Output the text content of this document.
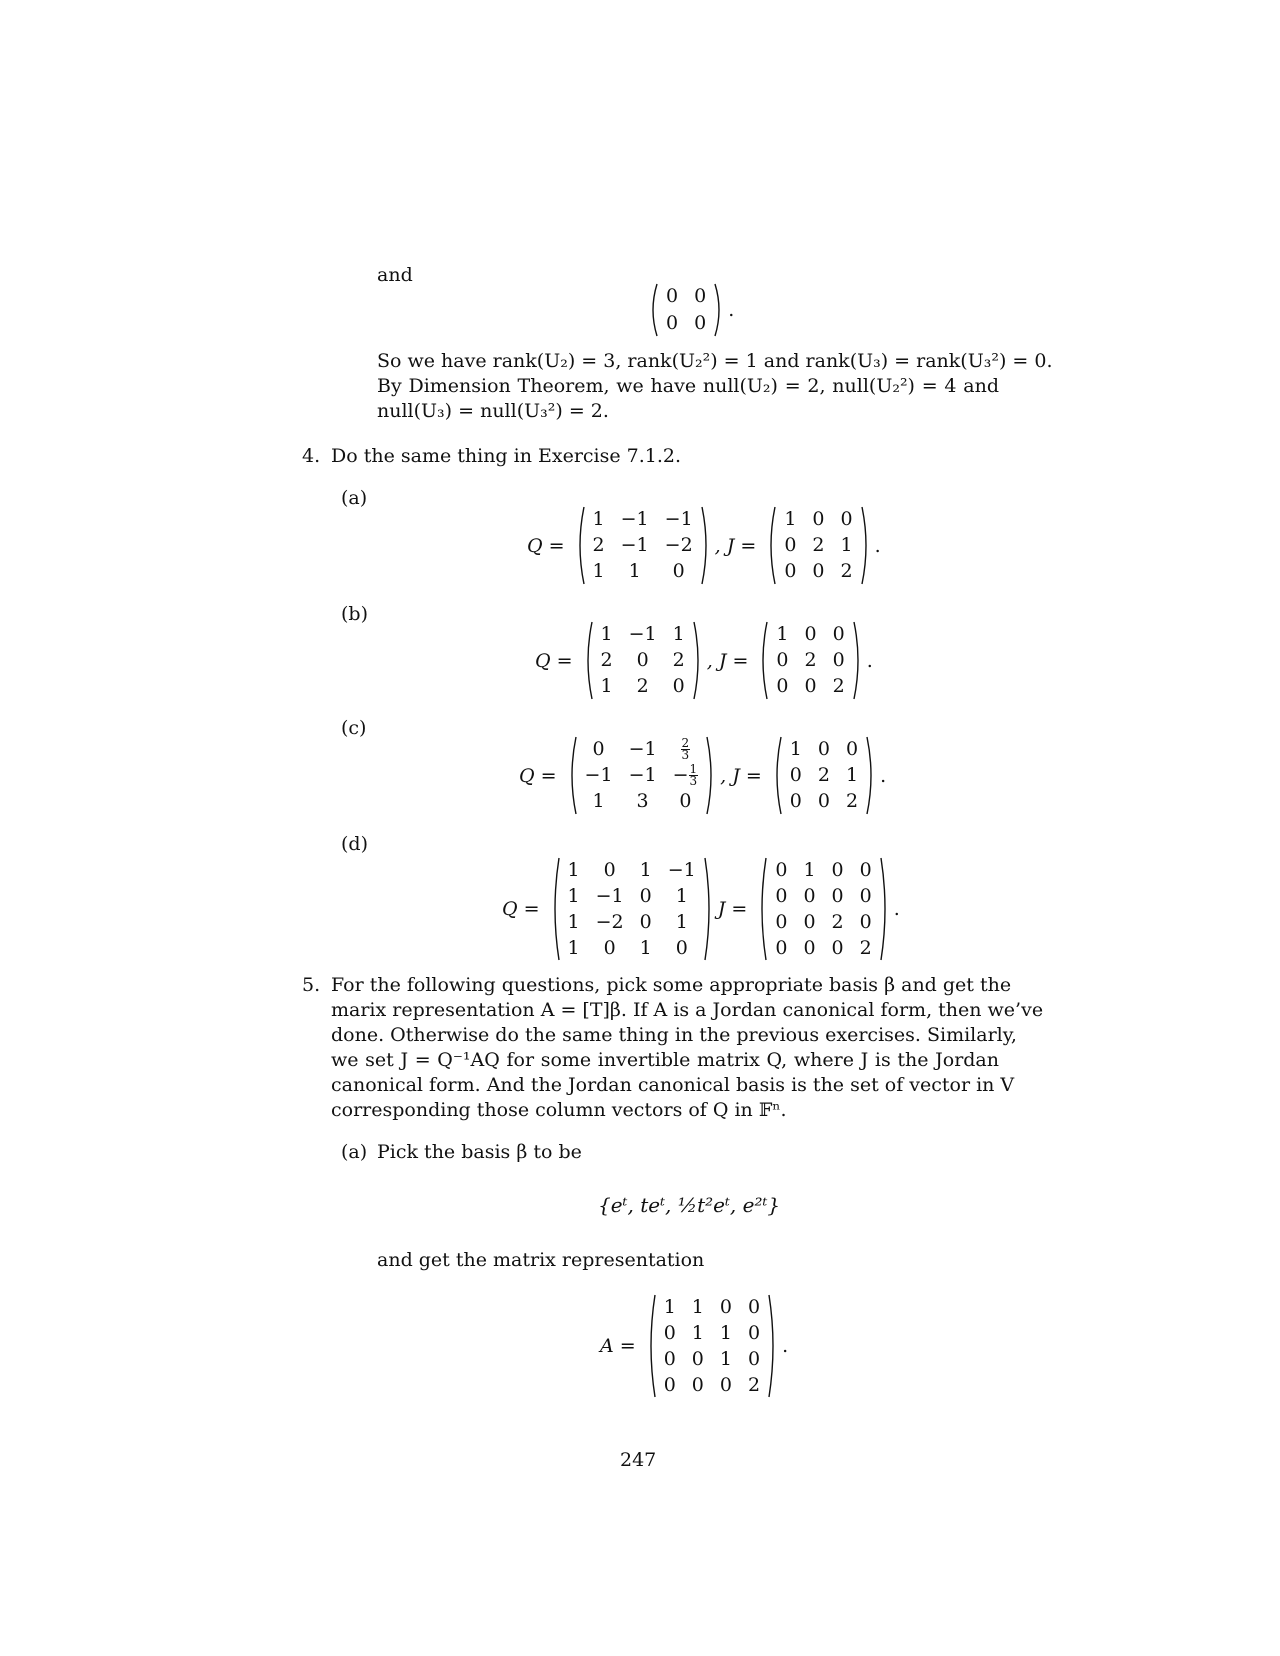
and
0	0
0	0
.
So we have rank(U₂) = 3, rank(U₂²) = 1 and rank(U₃) = rank(U₃²) = 0.
By Dimension Theorem, we have null(U₂) = 2, null(U₂²) = 4 and
null(U₃) = null(U₃²) = 2.
4. Do the same thing in Exercise 7.1.2.
(a)
Q =
1	−1	−1
2	−1	−2
1	1	0
, J =
1	0	0
0	2	1
0	0	2
.
(b)
Q =
1	−1	1
2	0	2
1	2	0
, J =
1	0	0
0	2	0
0	0	2
.
(c)
Q =
0	−1	$\frac{2}{3}$

−1	−1	− $\frac{1}{3}$

1	3	0
, J =
1	0	0
0	2	1
0	0	2
.
(d)
Q =
1	0	1	−1
1	−1	0	1
1	−2	0	1
1	0	1	0
J =
0	1	0	0
0	0	0	0
0	0	2	0
0	0	0	2
.
5. For the following questions, pick some appropriate basis β and get the
marix representation A = [T]β. If A is a Jordan canonical form, then we’ve
done. Otherwise do the same thing in the previous exercises. Similarly,
we set J = Q⁻¹AQ for some invertible matrix Q, where J is the Jordan
canonical form. And the Jordan canonical basis is the set of vector in V
corresponding those column vectors of Q in 𝔽ⁿ.
(a) Pick the basis β to be
{eᵗ, teᵗ, ½t²eᵗ, e²ᵗ}
and get the matrix representation
A =
1	1	0	0
0	1	1	0
0	0	1	0
0	0	0	2
.
247
